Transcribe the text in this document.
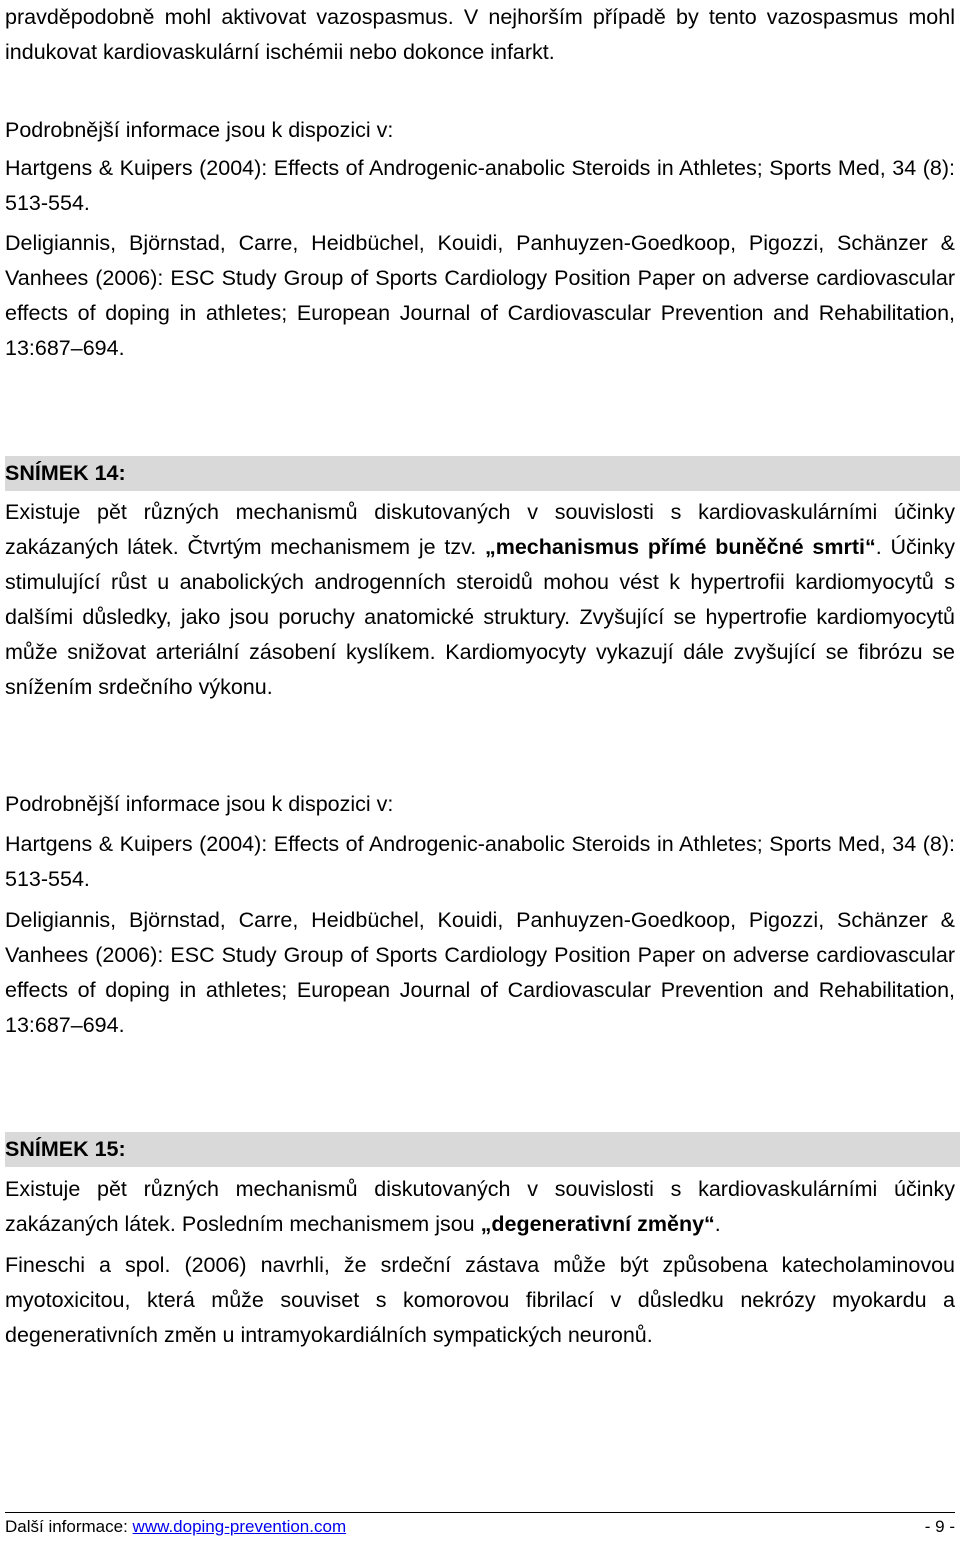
pravděpodobně mohl aktivovat vazospasmus. V nejhorším případě by tento vazospasmus mohl indukovat kardiovaskulární ischémii nebo dokonce infarkt.

Podrobnější informace jsou k dispozici v:

Hartgens & Kuipers (2004): Effects of Androgenic-anabolic Steroids in Athletes; Sports Med, 34 (8): 513-554.

Deligiannis, Björnstad, Carre, Heidbüchel, Kouidi, Panhuyzen-Goedkoop, Pigozzi, Schänzer & Vanhees (2006): ESC Study Group of Sports Cardiology Position Paper on adverse cardiovascular effects of doping in athletes; European Journal of Cardiovascular Prevention and Rehabilitation, 13:687–694.

SNÍMEK 14:

Existuje pět různých mechanismů diskutovaných v souvislosti s kardiovaskulárními účinky zakázaných látek. Čtvrtým mechanismem je tzv. „mechanismus přímé buněčné smrti“. Účinky stimulující růst u anabolických androgenních steroidů mohou vést k hypertrofii kardiomyocytů s dalšími důsledky, jako jsou poruchy anatomické struktury. Zvyšující se hypertrofie kardiomyocytů může snižovat arteriální zásobení kyslíkem. Kardiomyocyty vykazují dále zvyšující se fibrózu se snížením srdečního výkonu.

Podrobnější informace jsou k dispozici v:

Hartgens & Kuipers (2004): Effects of Androgenic-anabolic Steroids in Athletes; Sports Med, 34 (8): 513-554.

Deligiannis, Björnstad, Carre, Heidbüchel, Kouidi, Panhuyzen-Goedkoop, Pigozzi, Schänzer & Vanhees (2006): ESC Study Group of Sports Cardiology Position Paper on adverse cardiovascular effects of doping in athletes; European Journal of Cardiovascular Prevention and Rehabilitation, 13:687–694.

SNÍMEK 15:

Existuje pět různých mechanismů diskutovaných v souvislosti s kardiovaskulárními účinky zakázaných látek. Posledním mechanismem jsou „degenerativní změny“.

Fineschi a spol. (2006) navrhli, že srdeční zástava může být způsobena katecholaminovou myotoxicitou, která může souviset s komorovou fibrilací v důsledku nekrózy myokardu a degenerativních změn u intramyokardiálních sympatických neuronů.

Další informace: www.doping-prevention.com	- 9 -
